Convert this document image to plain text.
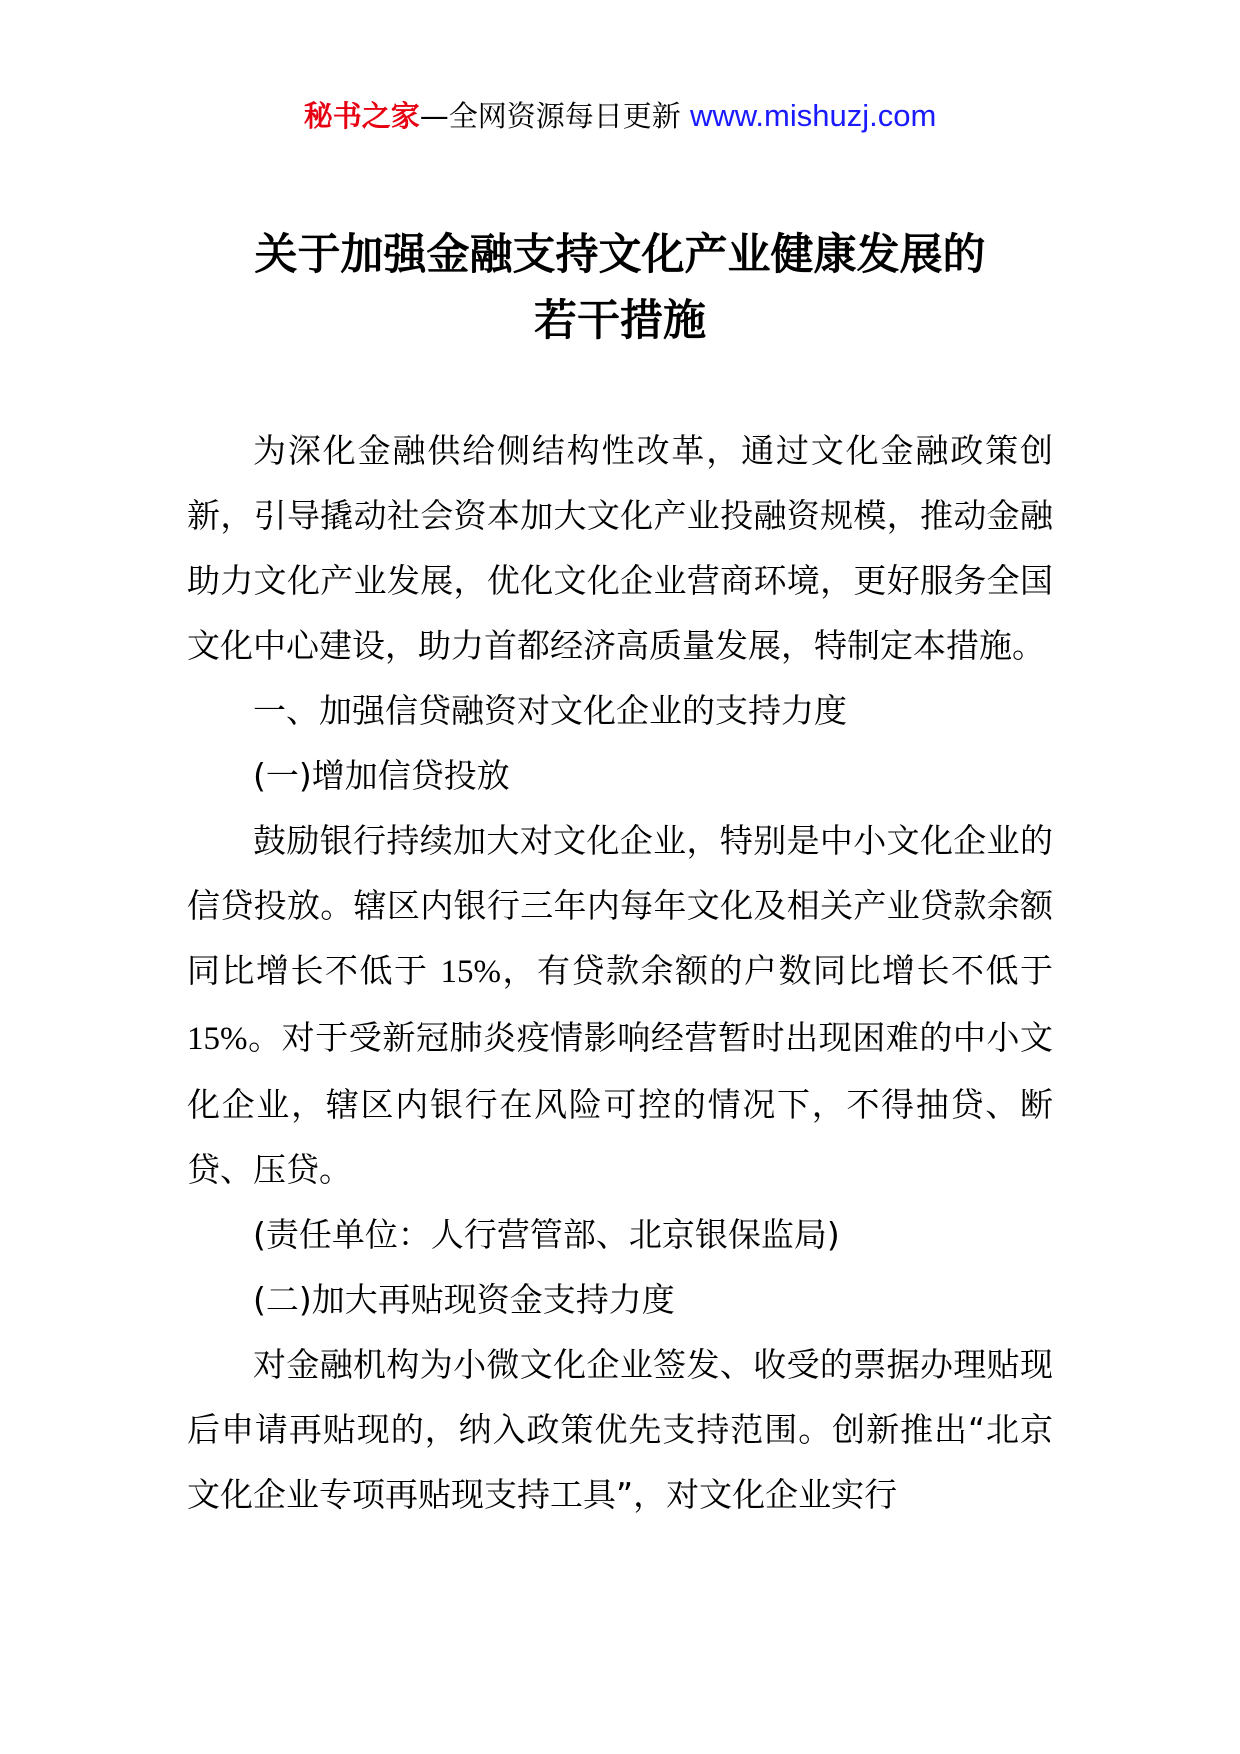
秘书之家—全网资源每日更新 www.mishuzj.com
关于加强金融支持文化产业健康发展的
若干措施

为深化金融供给侧结构性改革，通过文化金融政策创新，引导撬动社会资本加大文化产业投融资规模，推动金融助力文化产业发展，优化文化企业营商环境，更好服务全国文化中心建设，助力首都经济高质量发展，特制定本措施。

一、加强信贷融资对文化企业的支持力度

(一)增加信贷投放

鼓励银行持续加大对文化企业，特别是中小文化企业的信贷投放。辖区内银行三年内每年文化及相关产业贷款余额同比增长不低于 15%，有贷款余额的户数同比增长不低于 15%。对于受新冠肺炎疫情影响经营暂时出现困难的中小文化企业，辖区内银行在风险可控的情况下，不得抽贷、断贷、压贷。

(责任单位：人行营管部、北京银保监局)

(二)加大再贴现资金支持力度

对金融机构为小微文化企业签发、收受的票据办理贴现后申请再贴现的，纳入政策优先支持范围。创新推出“北京文化企业专项再贴现支持工具”，对文化企业实行
